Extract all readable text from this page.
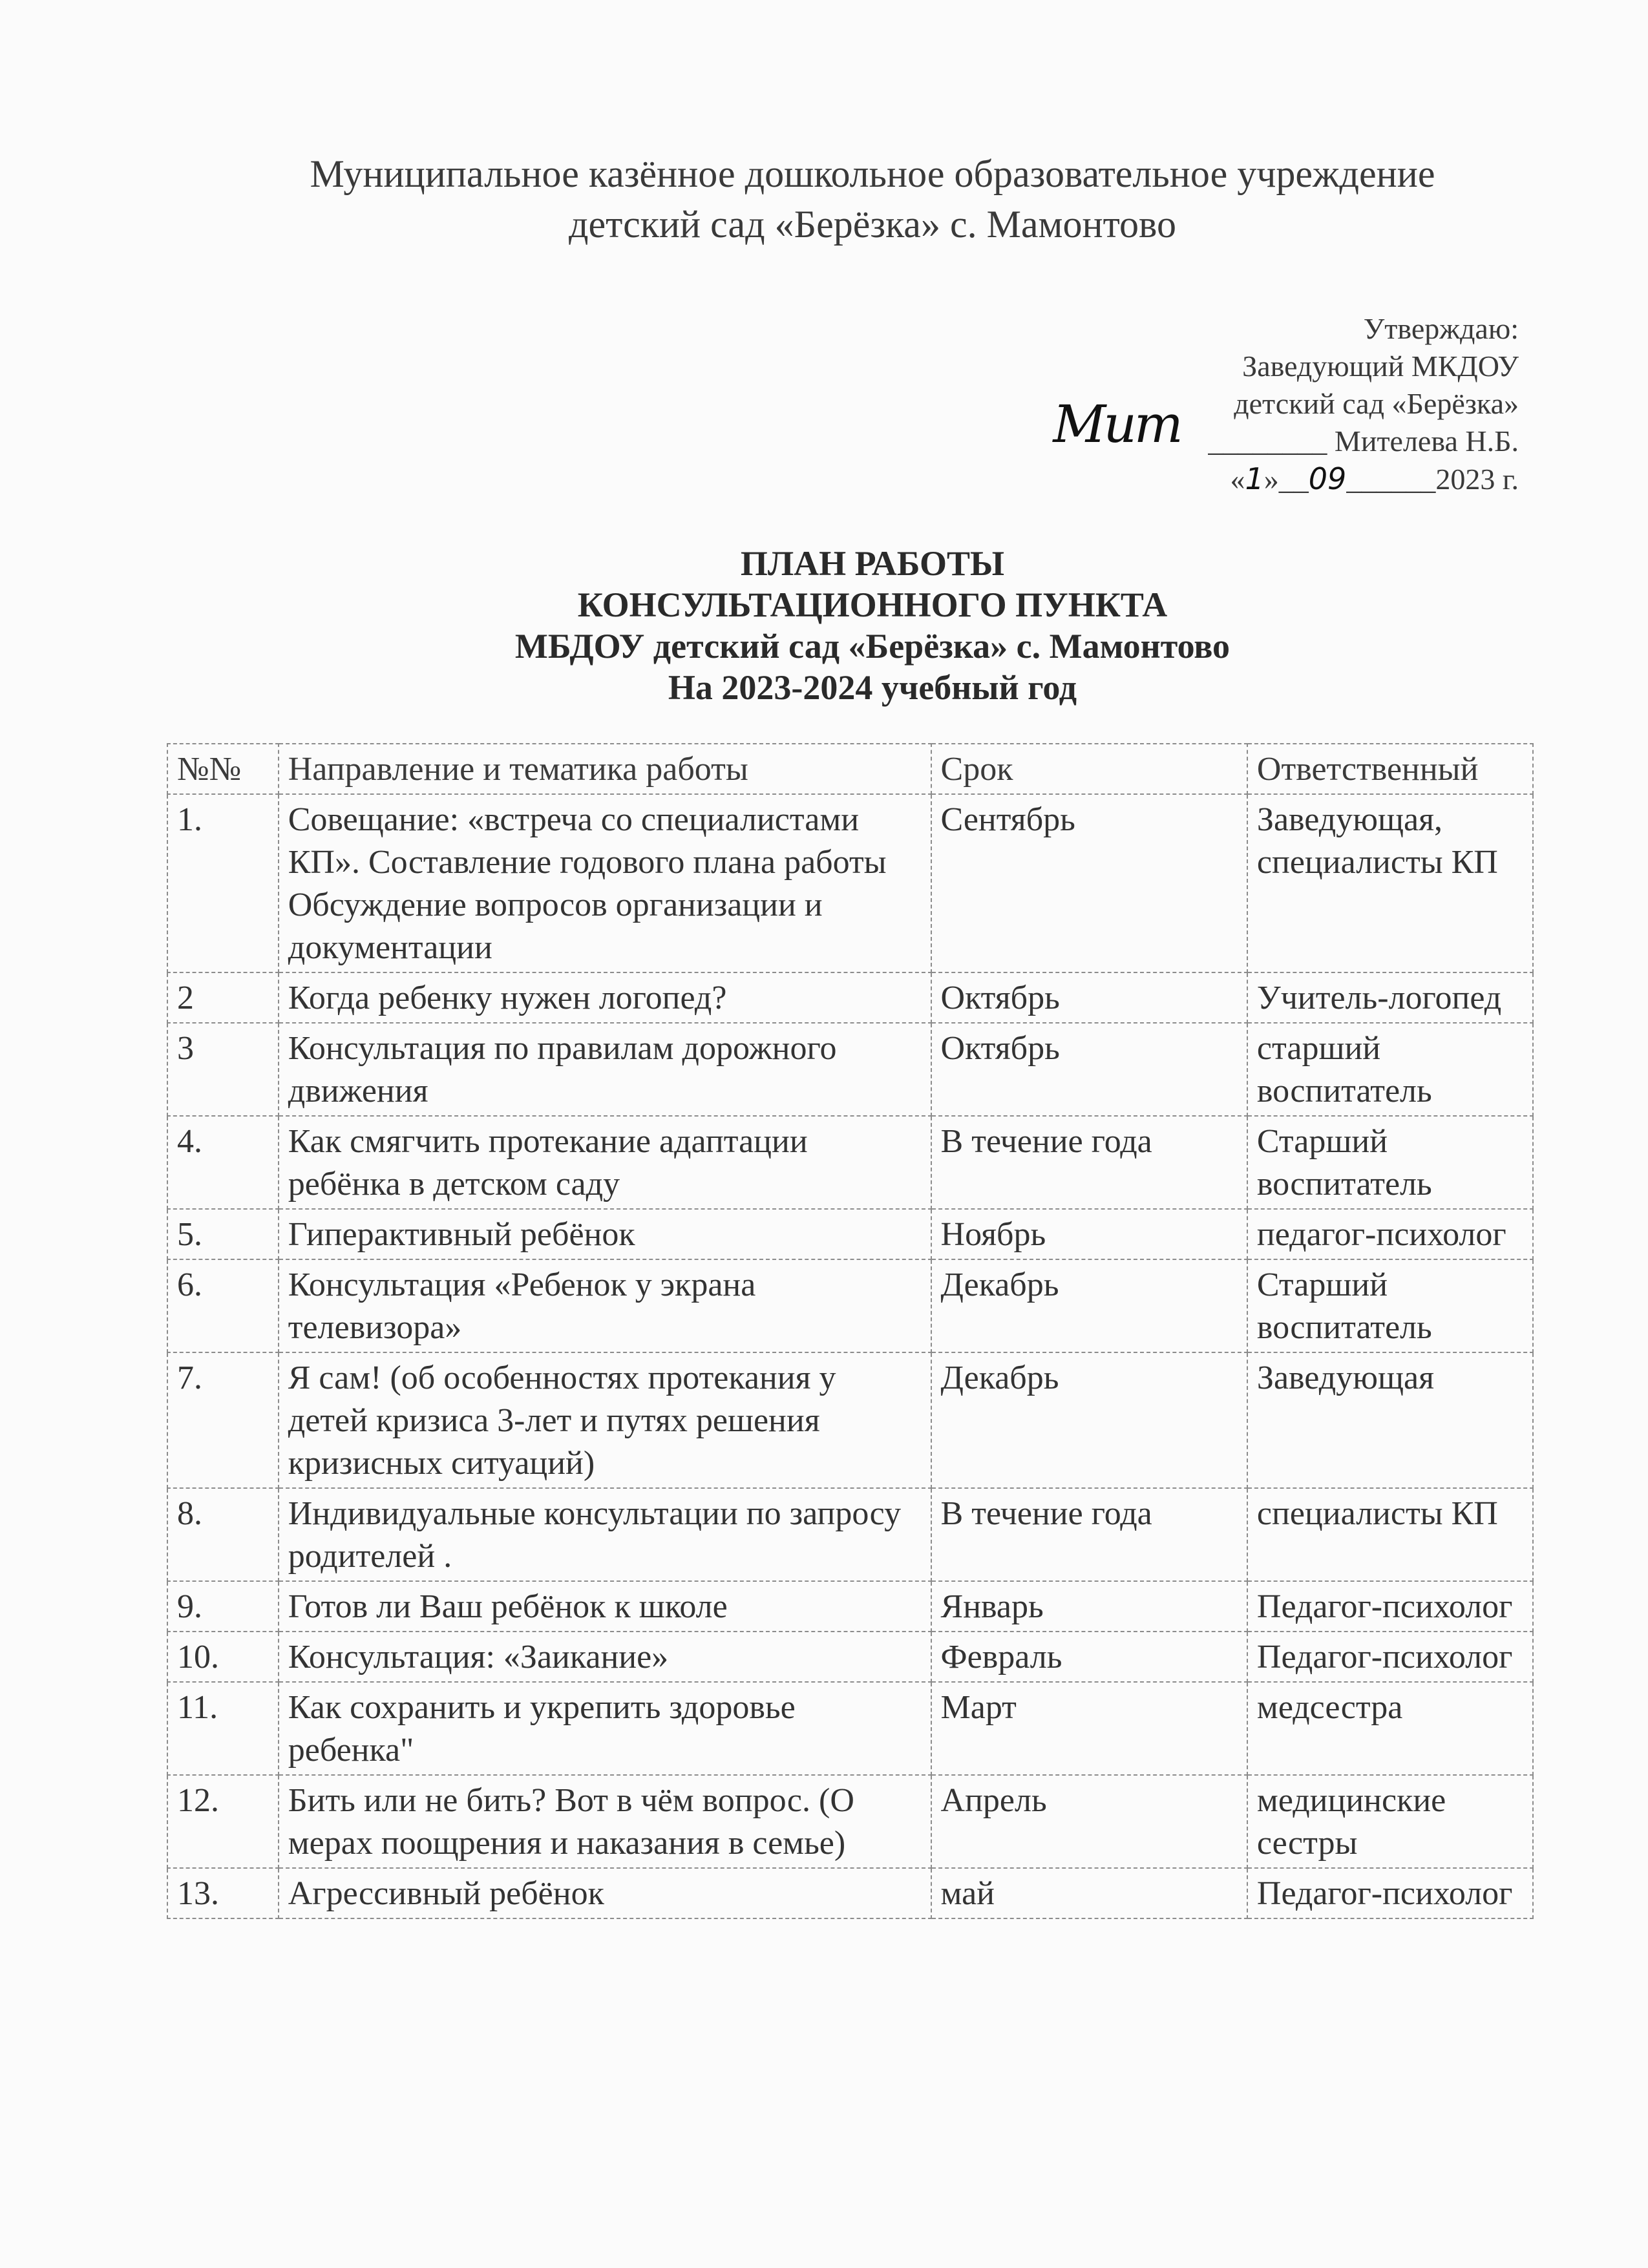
Муниципальное казённое дошкольное образовательное учреждение
детский сад «Берёзка» с. Мамонтово
Утверждаю:
Заведующий МКДОУ
детский сад «Берёзка»
Мит ________ Мителева Н.Б.
«1»__09______2023 г.
ПЛАН РАБОТЫ
КОНСУЛЬТАЦИОННОГО ПУНКТА
МБДОУ детский сад «Берёзка» с. Мамонтово
На 2023-2024 учебный год
№№	Направление и тематика работы	Срок	Ответственный
1.	Совещание: «встреча со специалистами КП». Составление годового плана работы Обсуждение вопросов организации и документации	Сентябрь	Заведующая, специалисты КП
2	Когда ребенку нужен логопед?	Октябрь	Учитель-логопед
3	Консультация по правилам дорожного движения	Октябрь	старший воспитатель
4.	Как смягчить протекание адаптации ребёнка в детском саду	В течение года	Старший воспитатель
5.	Гиперактивный ребёнок	Ноябрь	педагог-психолог
6.	Консультация «Ребенок у экрана телевизора»	Декабрь	Старший воспитатель
7.	Я сам! (об особенностях протекания у детей кризиса 3-лет и путях решения кризисных ситуаций)	Декабрь	Заведующая
8.	Индивидуальные консультации по запросу родителей .	В течение года	специалисты КП
9.	Готов ли Ваш ребёнок к школе	Январь	Педагог-психолог
10.	Консультация: «Заикание»	Февраль	Педагог-психолог
11.	Как сохранить и укрепить здоровье ребенка"	Март	медсестра
12.	Бить или не бить? Вот в чём вопрос. (О мерах поощрения и наказания в семье)	Апрель	медицинские сестры
13.	Агрессивный ребёнок	май	Педагог-психолог
